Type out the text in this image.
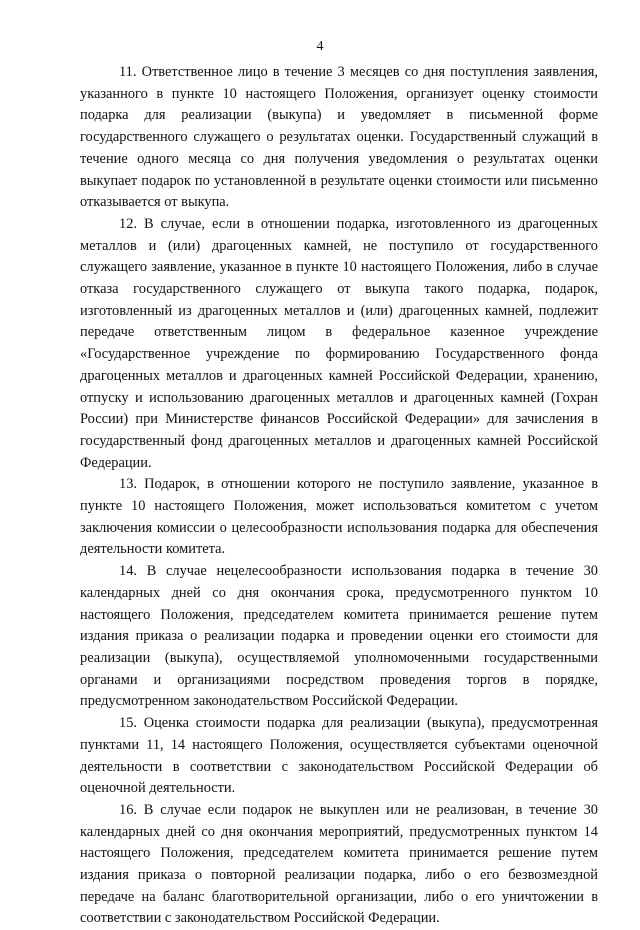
4

11. Ответственное лицо в течение 3 месяцев со дня поступления заявления, указанного в пункте 10 настоящего Положения, организует оценку стоимости подарка для реализации (выкупа) и уведомляет в письменной форме государственного служащего о результатах оценки. Государственный служащий в течение одного месяца со дня получения уведомления о результатах оценки выкупает подарок по установленной в результате оценки стоимости или письменно отказывается от выкупа.

12. В случае, если в отношении подарка, изготовленного из драгоценных металлов и (или) драгоценных камней, не поступило от государственного служащего заявление, указанное в пункте 10 настоящего Положения, либо в случае отказа государственного служащего от выкупа такого подарка, подарок, изготовленный из драгоценных металлов и (или) драгоценных камней, подлежит передаче ответственным лицом в федеральное казенное учреждение «Государственное учреждение по формированию Государственного фонда драгоценных металлов и драгоценных камней Российской Федерации, хранению, отпуску и использованию драгоценных металлов и драгоценных камней (Гохран России) при Министерстве финансов Российской Федерации» для зачисления в государственный фонд драгоценных металлов и драгоценных камней Российской Федерации.

13. Подарок, в отношении которого не поступило заявление, указанное в пункте 10 настоящего Положения, может использоваться комитетом с учетом заключения комиссии о целесообразности использования подарка для обеспечения деятельности комитета.

14. В случае нецелесообразности использования подарка в течение 30 календарных дней со дня окончания срока, предусмотренного пунктом 10 настоящего Положения, председателем комитета принимается решение путем издания приказа о реализации подарка и проведении оценки его стоимости для реализации (выкупа), осуществляемой уполномоченными государственными органами и организациями посредством проведения торгов в порядке, предусмотренном законодательством Российской Федерации.

15. Оценка стоимости подарка для реализации (выкупа), предусмотренная пунктами 11, 14 настоящего Положения, осуществляется субъектами оценочной деятельности в соответствии с законодательством Российской Федерации об оценочной деятельности.

16. В случае если подарок не выкуплен или не реализован, в течение 30 календарных дней со дня окончания мероприятий, предусмотренных пунктом 14 настоящего Положения, председателем комитета принимается решение путем издания приказа о повторной реализации подарка, либо о его безвозмездной передаче на баланс благотворительной организации, либо о его уничтожении в соответствии с законодательством Российской Федерации.
